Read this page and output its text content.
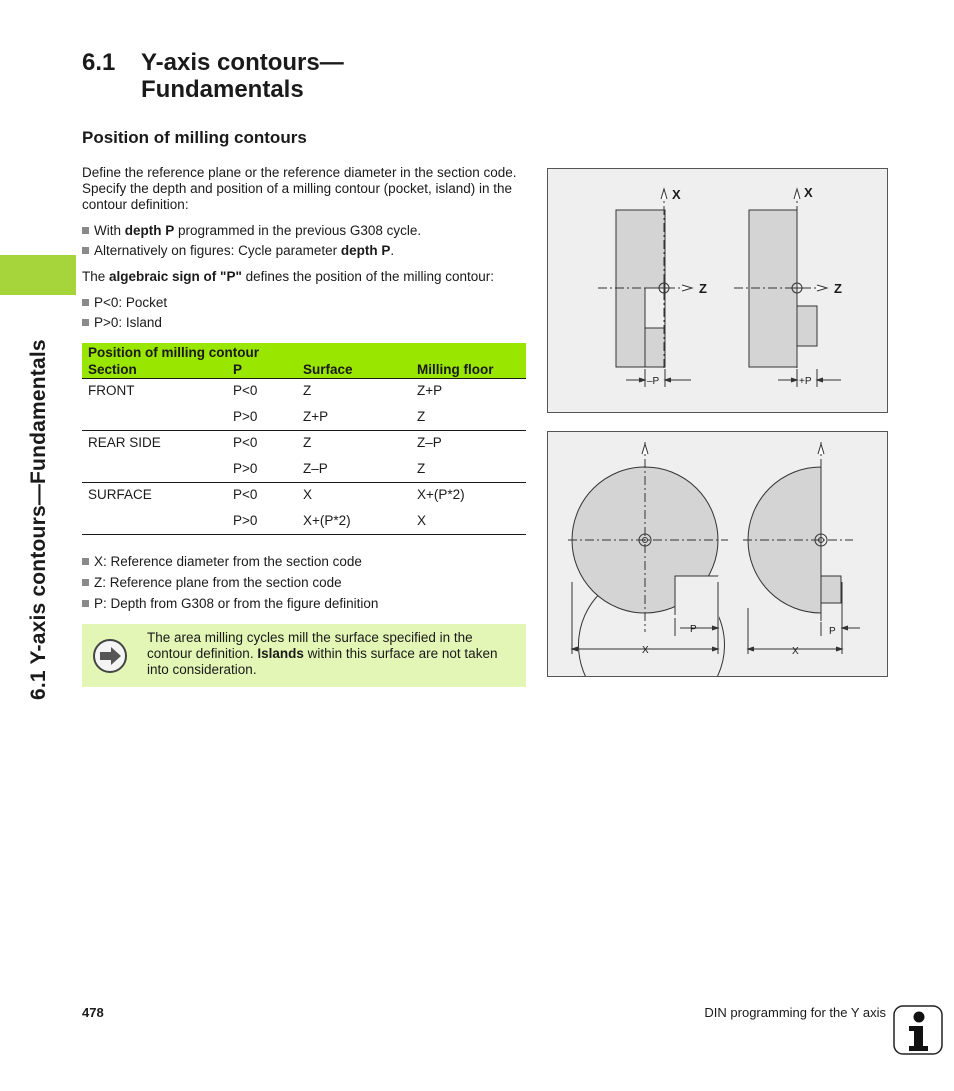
6.1 Y-axis contours—Fundamentals
6.1 Y-axis contours—
Fundamentals
Position of milling contours
Define the reference plane or the reference diameter in the section code. Specify the depth and position of a milling contour (pocket, island) in the contour definition:
With depth P programmed in the previous G308 cycle.
Alternatively on figures: Cycle parameter depth P.
The algebraic sign of "P" defines the position of the milling contour:
P<0: Pocket
P>0: Island
Position of milling contour			
Section	P	Surface	Milling floor
FRONT	P<0	Z	Z+P
	P>0	Z+P	Z
REAR SIDE	P<0	Z	Z–P
	P>0	Z–P	Z
SURFACE	P<0	X	X+(P*2)
	P>0	X+(P*2)	X
X: Reference diameter from the section code
Z: Reference plane from the section code
P: Depth from G308 or from the figure definition
The area milling cycles mill the surface specified in the contour definition. Islands within this surface are not taken into consideration.
X
Z
X
Z
–P	+P
P
X
P
X
478	DIN programming for the Y axis
